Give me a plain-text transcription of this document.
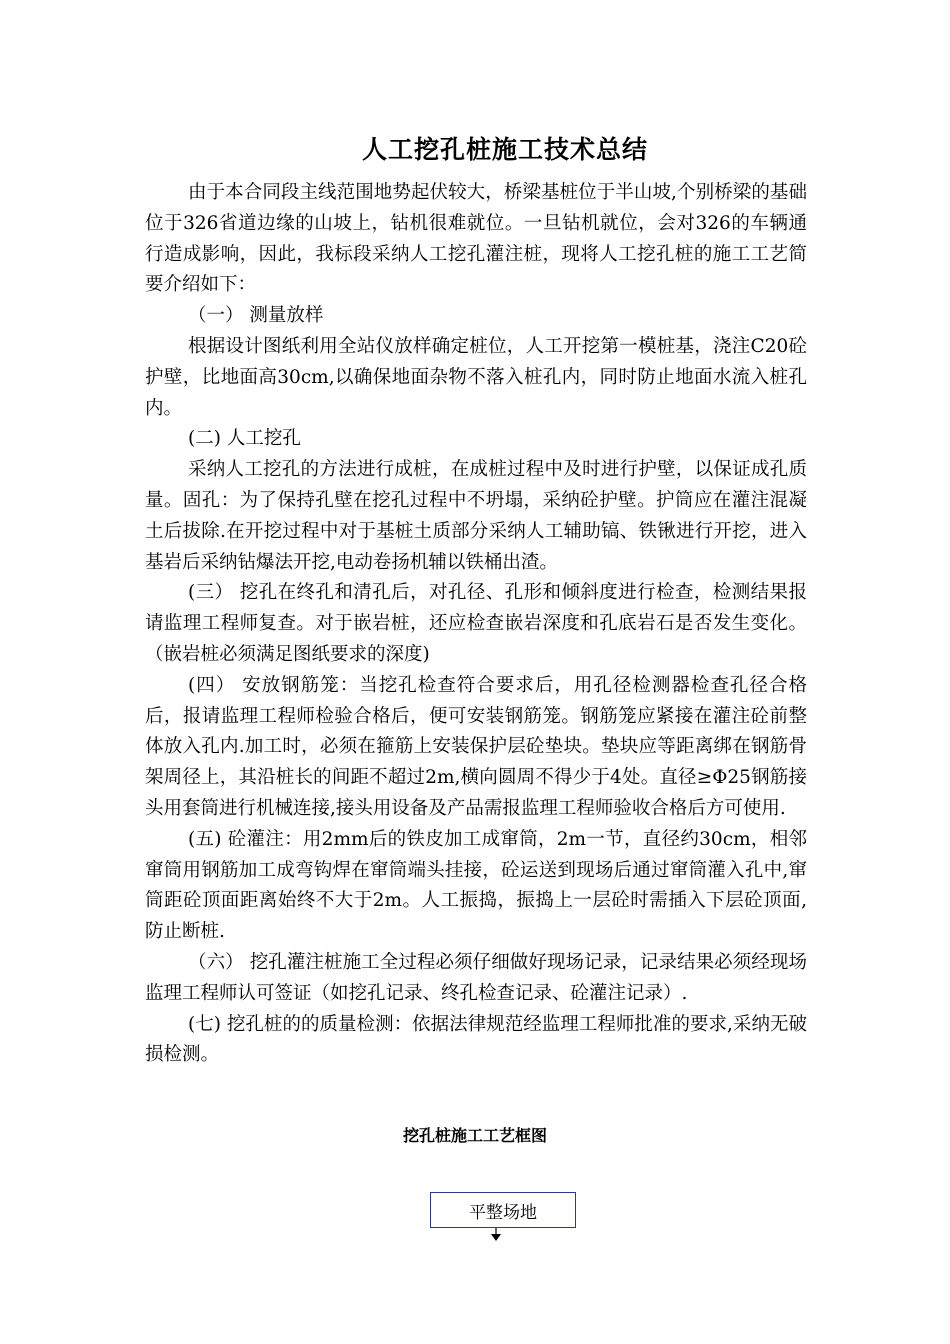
人工挖孔桩施工技术总结

由于本合同段主线范围地势起伏较大，桥梁基桩位于半山坡,个别桥梁的基础位于326省道边缘的山坡上，钻机很难就位。一旦钻机就位，会对326的车辆通行造成影响，因此，我标段采纳人工挖孔灌注桩，现将人工挖孔桩的施工工艺简要介绍如下：

（一） 测量放样

根据设计图纸利用全站仪放样确定桩位，人工开挖第一模桩基，浇注C20砼护壁，比地面高30cm,以确保地面杂物不落入桩孔内，同时防止地面水流入桩孔内。

(二) 人工挖孔

采纳人工挖孔的方法进行成桩，在成桩过程中及时进行护壁，以保证成孔质量。固孔：为了保持孔壁在挖孔过程中不坍塌，采纳砼护壁。护筒应在灌注混凝土后拔除.在开挖过程中对于基桩土质部分采纳人工辅助镐、铁锹进行开挖，进入基岩后采纳钻爆法开挖,电动卷扬机辅以铁桶出渣。

(三） 挖孔在终孔和清孔后，对孔径、孔形和倾斜度进行检查，检测结果报请监理工程师复查。对于嵌岩桩，还应检查嵌岩深度和孔底岩石是否发生变化。（嵌岩桩必须满足图纸要求的深度)

(四） 安放钢筋笼：当挖孔检查符合要求后，用孔径检测器检查孔径合格后，报请监理工程师检验合格后，便可安装钢筋笼。钢筋笼应紧接在灌注砼前整体放入孔内.加工时，必须在箍筋上安装保护层砼垫块。垫块应等距离绑在钢筋骨架周径上，其沿桩长的间距不超过2m,横向圆周不得少于4处。直径≥Φ25钢筋接头用套筒进行机械连接,接头用设备及产品需报监理工程师验收合格后方可使用.

(五) 砼灌注：用2mm后的铁皮加工成窜筒，2m一节，直径约30cm，相邻窜筒用钢筋加工成弯钩焊在窜筒端头挂接，砼运送到现场后通过窜筒灌入孔中,窜筒距砼顶面距离始终不大于2m。人工振捣，振捣上一层砼时需插入下层砼顶面,防止断桩.

（六） 挖孔灌注桩施工全过程必须仔细做好现场记录，记录结果必须经现场监理工程师认可签证（如挖孔记录、终孔检查记录、砼灌注记录）.

(七) 挖孔桩的的质量检测：依据法律规范经监理工程师批准的要求,采纳无破损检测。

挖孔桩施工工艺框图
平整场地
